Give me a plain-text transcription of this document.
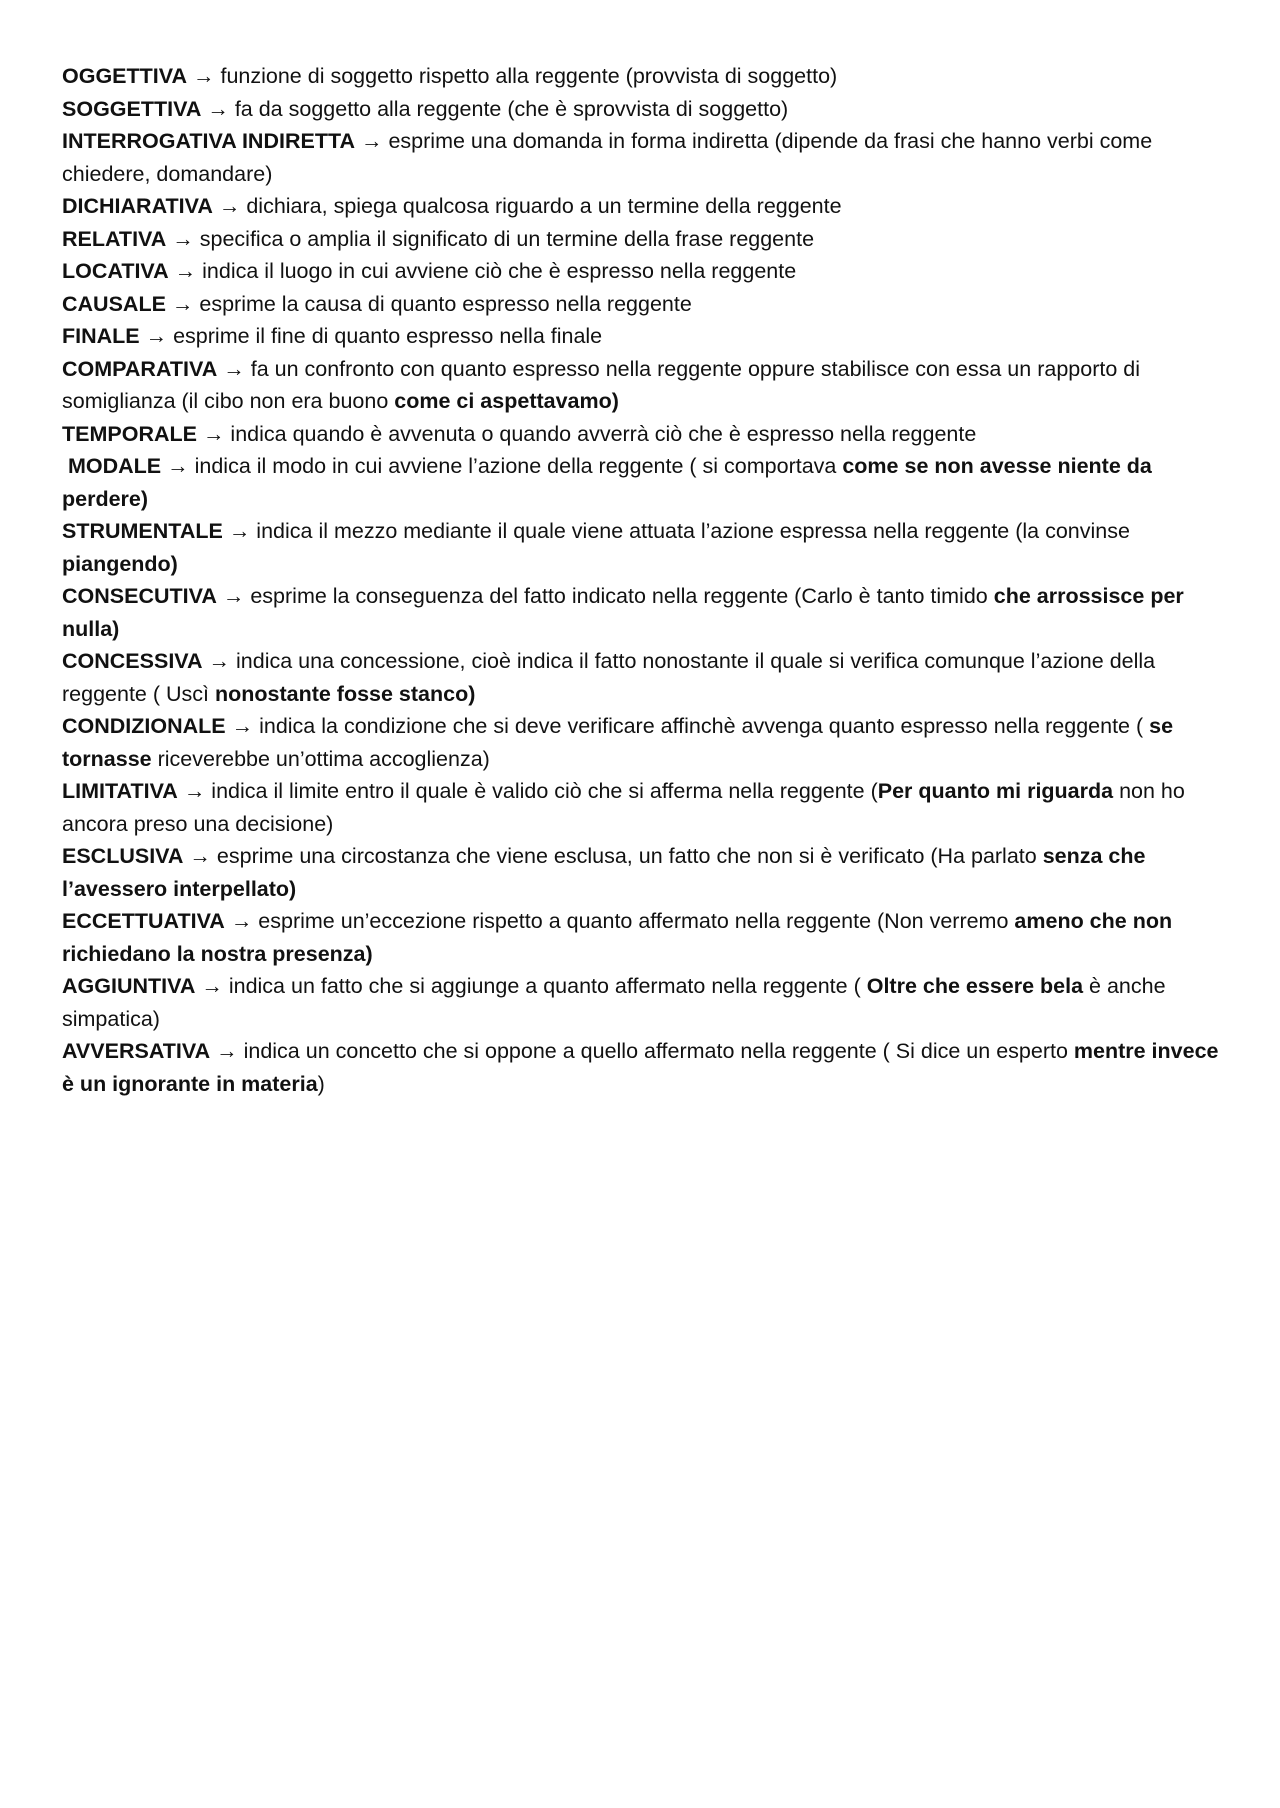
OGGETTIVA → funzione di soggetto rispetto alla reggente (provvista di soggetto)

SOGGETTIVA → fa da soggetto alla reggente (che è sprovvista di soggetto)

INTERROGATIVA INDIRETTA → esprime una domanda in forma indiretta (dipende da frasi che hanno verbi come chiedere, domandare)

DICHIARATIVA → dichiara, spiega qualcosa riguardo a un termine della reggente

RELATIVA → specifica o amplia il significato di un termine della frase reggente

LOCATIVA → indica il luogo in cui avviene ciò che è espresso nella reggente

CAUSALE → esprime la causa di quanto espresso nella reggente

FINALE → esprime il fine di quanto espresso nella finale

COMPARATIVA → fa un confronto con quanto espresso nella reggente oppure stabilisce con essa un rapporto di somiglianza (il cibo non era buono come ci aspettavamo)

TEMPORALE → indica quando è avvenuta o quando avverrà ciò che è espresso nella reggente

MODALE → indica il modo in cui avviene l’azione della reggente ( si comportava come se non avesse niente da perdere)

STRUMENTALE → indica il mezzo mediante il quale viene attuata l’azione espressa nella reggente (la convinse piangendo)

CONSECUTIVA → esprime la conseguenza del fatto indicato nella reggente (Carlo è tanto timido che arrossisce per nulla)

CONCESSIVA → indica una concessione, cioè indica il fatto nonostante il quale si verifica comunque l’azione della reggente ( Uscì nonostante fosse stanco)

CONDIZIONALE → indica la condizione che si deve verificare affinchè avvenga quanto espresso nella reggente ( se tornasse riceverebbe un’ottima accoglienza)

LIMITATIVA → indica il limite entro il quale è valido ciò che si afferma nella reggente (Per quanto mi riguarda non ho ancora preso una decisione)

ESCLUSIVA → esprime una circostanza che viene esclusa, un fatto che non si è verificato (Ha parlato senza che l’avessero interpellato)

ECCETTUATIVA → esprime un’eccezione rispetto a quanto affermato nella reggente (Non verremo ameno che non richiedano la nostra presenza)

AGGIUNTIVA → indica un fatto che si aggiunge a quanto affermato nella reggente ( Oltre che essere bela è anche simpatica)

AVVERSATIVA → indica un concetto che si oppone a quello affermato nella reggente ( Si dice un esperto mentre invece è un ignorante in materia)
